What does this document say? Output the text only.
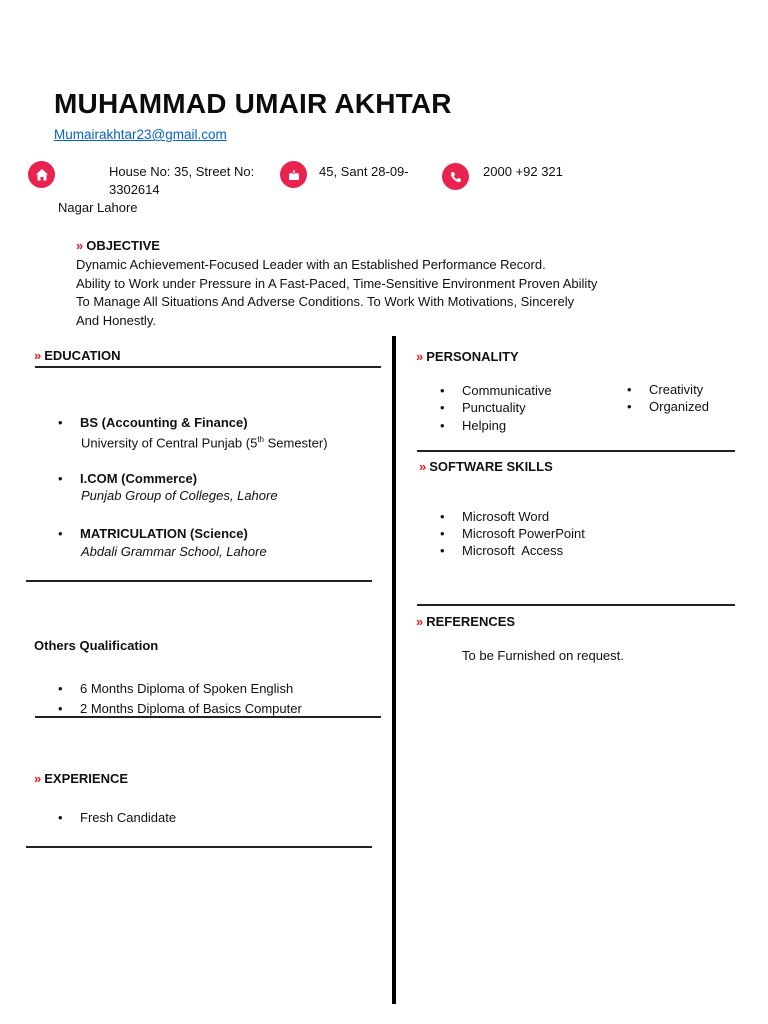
MUHAMMAD UMAIR AKHTAR
Mumairakhtar23@gmail.com
House No: 35, Street No:
3302614
Nagar Lahore
45, Sant 28-09-	2000 +92 321
» OBJECTIVE
Dynamic Achievement-Focused Leader with an Established Performance Record.
Ability to Work under Pressure in A Fast-Paced, Time-Sensitive Environment Proven Ability
To Manage All Situations And Adverse Conditions. To Work With Motivations, Sincerely
And Honestly.
» EDUCATION
• BS (Accounting & Finance)
University of Central Punjab (5th Semester)
• I.COM (Commerce)
Punjab Group of Colleges, Lahore
• MATRICULATION (Science)
Abdali Grammar School, Lahore
Others Qualification
• 6 Months Diploma of Spoken English
• 2 Months Diploma of Basics Computer
» EXPERIENCE
• Fresh Candidate
» PERSONALITY
• Communicative
• Punctuality
• Helping
• Creativity
• Organized
» SOFTWARE SKILLS
• Microsoft Word
• Microsoft PowerPoint
• Microsoft  Access
» REFERENCES
To be Furnished on request.
